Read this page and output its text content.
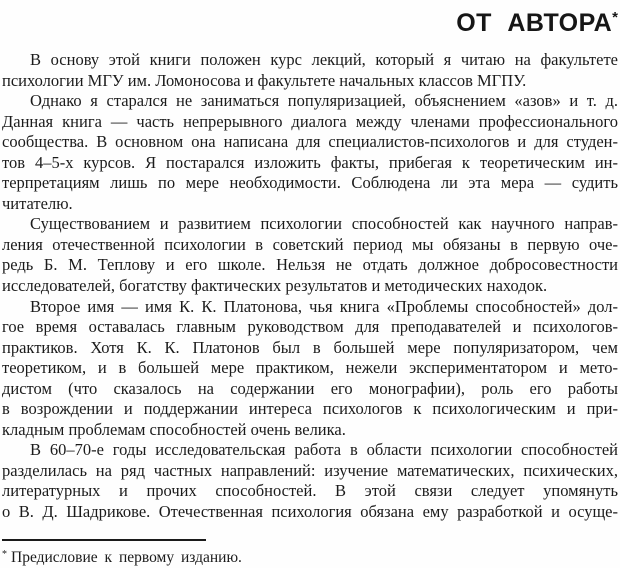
ОТ АВТОРА*
В основу этой книги положен курс лекций, который я читаю на факультете
психологии МГУ им. Ломоносова и факультете начальных классов МГПУ.
Однако я старался не заниматься популяризацией, объяснением «азов» и т. д.
Данная книга — часть непрерывного диалога между членами профессионального
сообщества. В основном она написана для специалистов-психологов и для студен-
тов 4–5-х курсов. Я постарался изложить факты, прибегая к теоретическим ин-
терпретациям лишь по мере необходимости. Соблюдена ли эта мера — судить
читателю.
Существованием и развитием психологии способностей как научного направ-
ления отечественной психологии в советский период мы обязаны в первую оче-
редь Б. М. Теплову и его школе. Нельзя не отдать должное добросовестности
исследователей, богатству фактических результатов и методических находок.
Второе имя — имя К. К. Платонова, чья книга «Проблемы способностей» дол-
гое время оставалась главным руководством для преподавателей и психологов-
практиков. Хотя К. К. Платонов был в большей мере популяризатором, чем
теоретиком, и в большей мере практиком, нежели экспериментатором и мето-
дистом (что сказалось на содержании его монографии), роль его работы
в возрождении и поддержании интереса психологов к психологическим и при-
кладным проблемам способностей очень велика.
В 60–70-е годы исследовательская работа в области психологии способностей
разделилась на ряд частных направлений: изучение математических, психических,
литературных и прочих способностей. В этой связи следует упомянуть
о В. Д. Шадрикове. Отечественная психология обязана ему разработкой и осуще-
* Предисловие к первому изданию.
